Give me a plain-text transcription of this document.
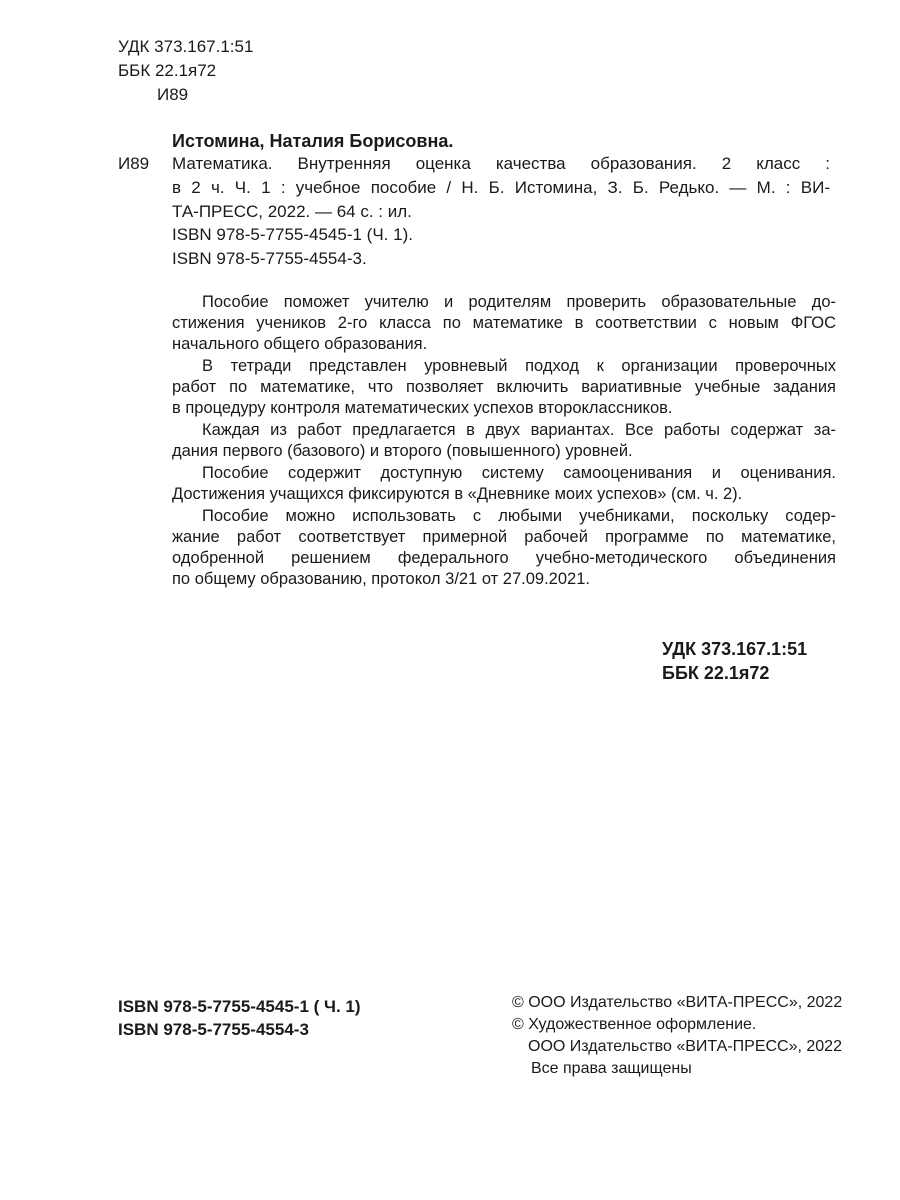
УДК 373.167.1:51
ББК 22.1я72
И89
Истомина, Наталия Борисовна.
И89 Математика. Внутренняя оценка качества образования. 2 класс :
в 2 ч. Ч. 1 : учебное пособие / Н. Б. Истомина, З. Б. Редько. — М. : ВИ-
ТА-ПРЕСС, 2022. — 64 с. : ил.
ISBN 978-5-7755-4545-1 (Ч. 1).
ISBN 978-5-7755-4554-3.
Пособие поможет учителю и родителям проверить образовательные до-
стижения учеников 2-го класса по математике в соответствии с новым ФГОС
начального общего образования.
В тетради представлен уровневый подход к организации проверочных
работ по математике, что позволяет включить вариативные учебные задания
в процедуру контроля математических успехов второклассников.
Каждая из работ предлагается в двух вариантах. Все работы содержат за-
дания первого (базового) и второго (повышенного) уровней.
Пособие содержит доступную систему самооценивания и оценивания.
Достижения учащихся фиксируются в «Дневнике моих успехов» (см. ч. 2).
Пособие можно использовать с любыми учебниками, поскольку содер-
жание работ соответствует примерной рабочей программе по математике,
одобренной решением федерального учебно-методического объединения
по общему образованию, протокол 3/21 от 27.09.2021.
УДК 373.167.1:51
ББК 22.1я72
ISBN 978-5-7755-4545-1 ( Ч. 1)
ISBN 978-5-7755-4554-3
© ООО Издательство «ВИТА-ПРЕСС», 2022
© Художественное оформление.
ООО Издательство «ВИТА-ПРЕСС», 2022
Все права защищены
